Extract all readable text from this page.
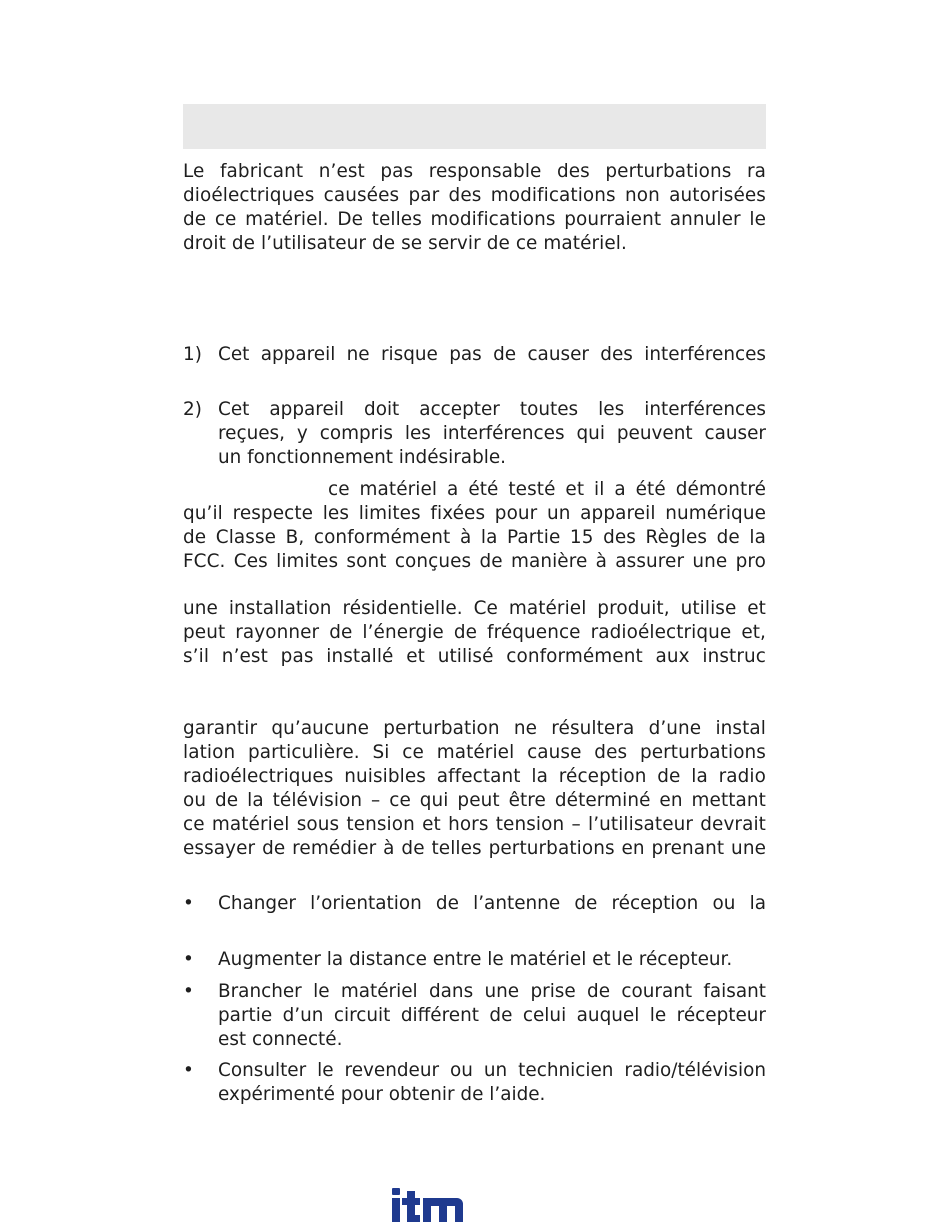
Le fabricant n’est pas responsable des perturbations ra
dioélectriques causées par des modifications non autorisées
de ce matériel. De telles modifications pourraient annuler le
droit de l’utilisateur de se servir de ce matériel.
1) Cet appareil ne risque pas de causer des interférences
2) Cet appareil doit accepter toutes les interférences
reçues, y compris les interférences qui peuvent causer
un fonctionnement indésirable.
ce matériel a été testé et il a été démontré
qu’il respecte les limites fixées pour un appareil numérique
de Classe B, conformément à la Partie 15 des Règles de la
FCC. Ces limites sont conçues de manière à assurer une pro
une installation résidentielle. Ce matériel produit, utilise et
peut rayonner de l’énergie de fréquence radioélectrique et,
s’il n’est pas installé et utilisé conformément aux instruc
garantir qu’aucune perturbation ne résultera d’une instal
lation particulière. Si ce matériel cause des perturbations
radioélectriques nuisibles affectant la réception de la radio
ou de la télévision – ce qui peut être déterminé en mettant
ce matériel sous tension et hors tension – l’utilisateur devrait
essayer de remédier à de telles perturbations en prenant une
• Changer l’orientation de l’antenne de réception ou la
• Augmenter la distance entre le matériel et le récepteur.
• Brancher le matériel dans une prise de courant faisant
partie d’un circuit différent de celui auquel le récepteur
est connecté.
• Consulter le revendeur ou un technicien radio/télévision
expérimenté pour obtenir de l’aide.
